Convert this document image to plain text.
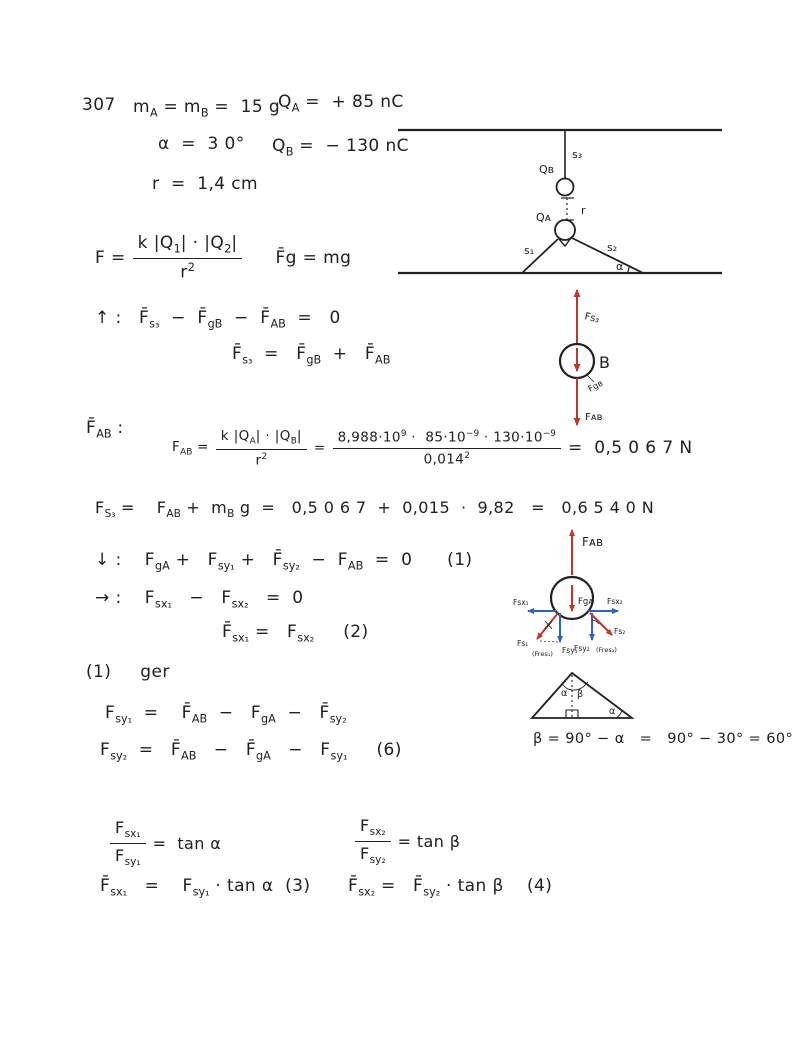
307 $m_A = m_B = 15$ g
$Q_A$ =  + 85 nC
α  =  3 0° $Q_B$ =  − 130 nC
r  =  1,4 cm
$F = \frac{k |Q_1| \cdot |Q_2|}{r^2}$ F̄g = mg
↑ :   $F̄_{s_3}$  −  $F̄_{gB}$  −  $F̄_{AB} = 0$
$F̄_{s_3}$  =   $F̄_{gB}$  +   $F̄_{AB}$
$F̄_{AB}$ :
$F_{AB} = \frac{k |Q_A| \cdot |Q_B|}{r^2} = \frac{8,988\cdot 10^9 \cdot 85\cdot 10^{-9} \cdot 130\cdot 10^{-9}}{0,014^2} = 0,5$ 0 6 7 N
$F_{S_3}$ =    $F_{AB} + m_B$ g  =   0,5 0 6 7  +  0,015  ·  9,82   =   0,6 5 4 0 N
↓ :    $F_{gA} + F_{sy_1}$ +   $F̄_{sy_2} - F_{AB} = 0$      (1)
→ :    $F_{sx_1} - F_{sx_2} = 0$
$F̄_{sx_1} = F_{sx_2}$     (2)
(1)     ger
$F_{sy_1}$  =    $F̄_{AB} - F_{gA}$  −   $F̄_{sy_2}$
$F_{sy_2}$  =   $F̄_{AB}$   −   $F̄_{gA} - F_{sy_1}$     (6)
$\frac{F_{sx_1}}{F_{sy_1}} = \tan \alpha$	$\frac{F_{sx_2}}{F_{sy_2}} = \tan \beta$
$F̄_{sx_1}$   =    $F_{sy_1} \cdot \tan \alpha$  (3) $F̄_{sx_2}$ =   $F̄_{sy_2} \cdot \tan \beta$    (4)
β = 90° − α   =   90° − 30° = 60°
s₃
Qʙ
r
Qᴀ
s₁	s₂
α
Fs₃
B
Fgʙ
Fᴀʙ
Fᴀʙ
Fgᴀ
Fsx₁
Fsy₁
Fs₁
(Fres₁)
Fsx₂
Fsy₂
Fs₂
(Fres₂)
α β
α
